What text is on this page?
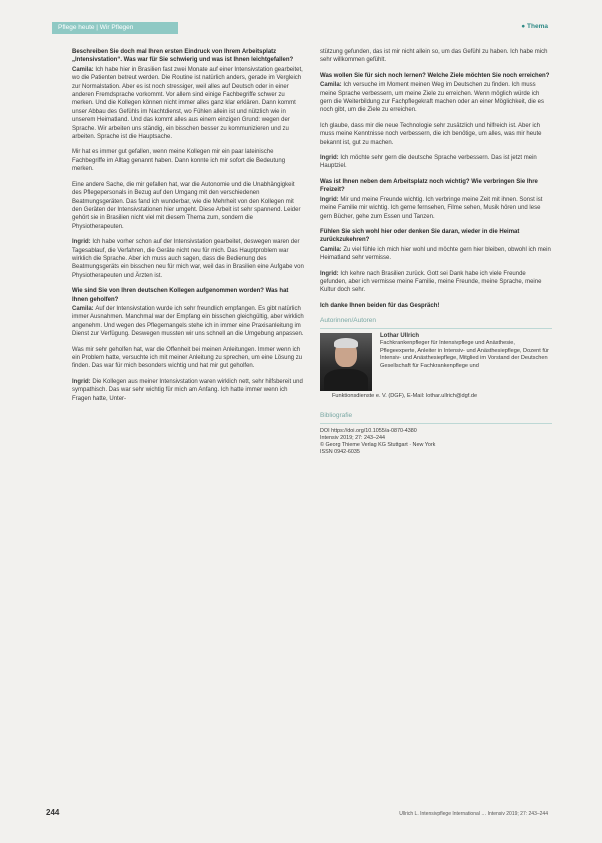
Pflege heute | Wir Pflegen	● Thema

Beschreiben Sie doch mal Ihren ersten Eindruck von Ihrem Arbeitsplatz „Intensivstation“. Was war für Sie schwierig und was ist Ihnen leichtgefallen?

Camila: Ich habe hier in Brasilien fast zwei Monate auf einer Intensivstation gearbeitet, wo die Patienten betreut werden. Die Routine ist natürlich anders, gerade im Vergleich zur Normalstation. Aber es ist noch stressiger, weil alles auf Deutsch oder in einer anderen Fremdsprache vorkommt. Vor allem sind einige Fachbegriffe schwer zu merken. Und die Kollegen können nicht immer alles ganz klar erklären. Dann kommt unser Abbau des Gefühls im Nachtdienst, wo Fühlen allein ist und nützlich wie in unserem Heimatland. Und das kommt alles aus einem einzigen Grund: wegen der Sprache. Wir arbeiten uns ständig, ein bisschen besser zu kommunizieren und zu arbeiten. Sprache ist die Hauptsache.

Mir hat es immer gut gefallen, wenn meine Kollegen mir ein paar lateinische Fachbegriffe im Alltag genannt haben. Dann konnte ich mir sofort die Bedeutung merken.

Eine andere Sache, die mir gefallen hat, war die Autonomie und die Unabhängigkeit des Pflegepersonals in Bezug auf den Umgang mit den verschiedenen Beatmungsgeräten. Das fand ich wunderbar, wie die Mehrheit von den Kollegen mit den Geräten der Intensivstationen hier umgeht. Diese Arbeit ist sehr spannend. Leider gehört sie in Brasilien nicht viel mit diesem Thema zum, sondern die Physiotherapeuten.

Ingrid: Ich habe vorher schon auf der Intensivstation gearbeitet, deswegen waren der Tagesablauf, die Verfahren, die Geräte nicht neu für mich. Das Hauptproblem war wirklich die Sprache. Aber ich muss auch sagen, dass die Bedienung des Beatmungsgeräts ein bisschen neu für mich war, weil das in Brasilien eine Aufgabe von Physiotherapeuten und Ärzten ist.

Wie sind Sie von Ihren deutschen Kollegen aufgenommen worden? Was hat Ihnen geholfen?

Camila: Auf der Intensivstation wurde ich sehr freundlich empfangen. Es gibt natürlich immer Ausnahmen. Manchmal war der Empfang ein bisschen gleichgültig, aber wirklich angenehm. Und wegen des Pflegemangels stehe ich in immer eine Praxisanleitung im Dienst zur Verfügung. Deswegen mussten wir uns schnell an die Umgebung anpassen.

Was mir sehr geholfen hat, war die Offenheit bei meinen Anleitungen. Immer wenn ich ein Problem hatte, versuchte ich mit meiner Anleitung zu sprechen, um eine Lösung zu finden. Das war für mich besonders wichtig und hat mir gut geholfen.

Ingrid: Die Kollegen aus meiner Intensivstation waren wirklich nett, sehr hilfsbereit und sympathisch. Das war sehr wichtig für mich am Anfang. Ich hatte immer wenn ich Fragen hatte, Unter-

stützung gefunden, das ist mir nicht allein so, um das Gefühl zu haben. Ich habe mich sehr willkommen gefühlt.

Was wollen Sie für sich noch lernen? Welche Ziele möchten Sie noch erreichen?

Camila: Ich versuche im Moment meinen Weg im Deutschen zu finden. Ich muss meine Sprache verbessern, um meine Ziele zu erreichen. Wenn möglich würde ich gern die Weiterbildung zur Fachpflegekraft machen oder an einer Möglichkeit, die es noch gibt, um die Ziele zu erreichen.

Ich glaube, dass mir die neue Technologie sehr zusätzlich und hilfreich ist. Aber ich muss meine Kenntnisse noch verbessern, die ich benötige, um alles, was mir heute bekannt ist, gut zu machen.

Ingrid: Ich möchte sehr gern die deutsche Sprache verbessern. Das ist jetzt mein Hauptziel.

Was ist Ihnen neben dem Arbeitsplatz noch wichtig? Wie verbringen Sie Ihre Freizeit?

Ingrid: Mir und meine Freunde wichtig. Ich verbringe meine Zeit mit ihnen. Sonst ist meine Familie mir wichtig. Ich gerne fernsehen, Filme sehen, Musik hören und lese gern Bücher, gehe zum Essen und Tanzen.

Fühlen Sie sich wohl hier oder denken Sie daran, wieder in die Heimat zurückzukehren?

Camila: Zu viel fühle ich mich hier wohl und möchte gern hier bleiben, obwohl ich mein Heimatland sehr vermisse.

Ingrid: Ich kehre nach Brasilien zurück. Gott sei Dank habe ich viele Freunde gefunden, aber ich vermisse meine Familie, meine Freunde, meine Sprache, meine Kultur doch sehr.

Ich danke Ihnen beiden für das Gespräch!

Autorinnen/Autoren
Lothar Ullrich
Fachkrankenpfleger für Intensivpflege und Anästhesie, Pflegeexperte, Anleiter in Intensiv- und Anästhesiepflege, Dozent für Intensiv- und Anästhesiepflege, Mitglied im Vorstand der Deutschen Gesellschaft für Fachkrankenpflege und
Funktionsdienste e. V. (DGF), E-Mail: lothar.ullrich@dgf.de
Bibliografie
DOI https://doi.org/10.1055/a-0870-4380
Intensiv 2019; 27: 243–244
© Georg Thieme Verlag KG Stuttgart · New York
ISSN 0942-6035
244	Ullrich L. Intensivpflege International … Intensiv 2019; 27: 243–244
